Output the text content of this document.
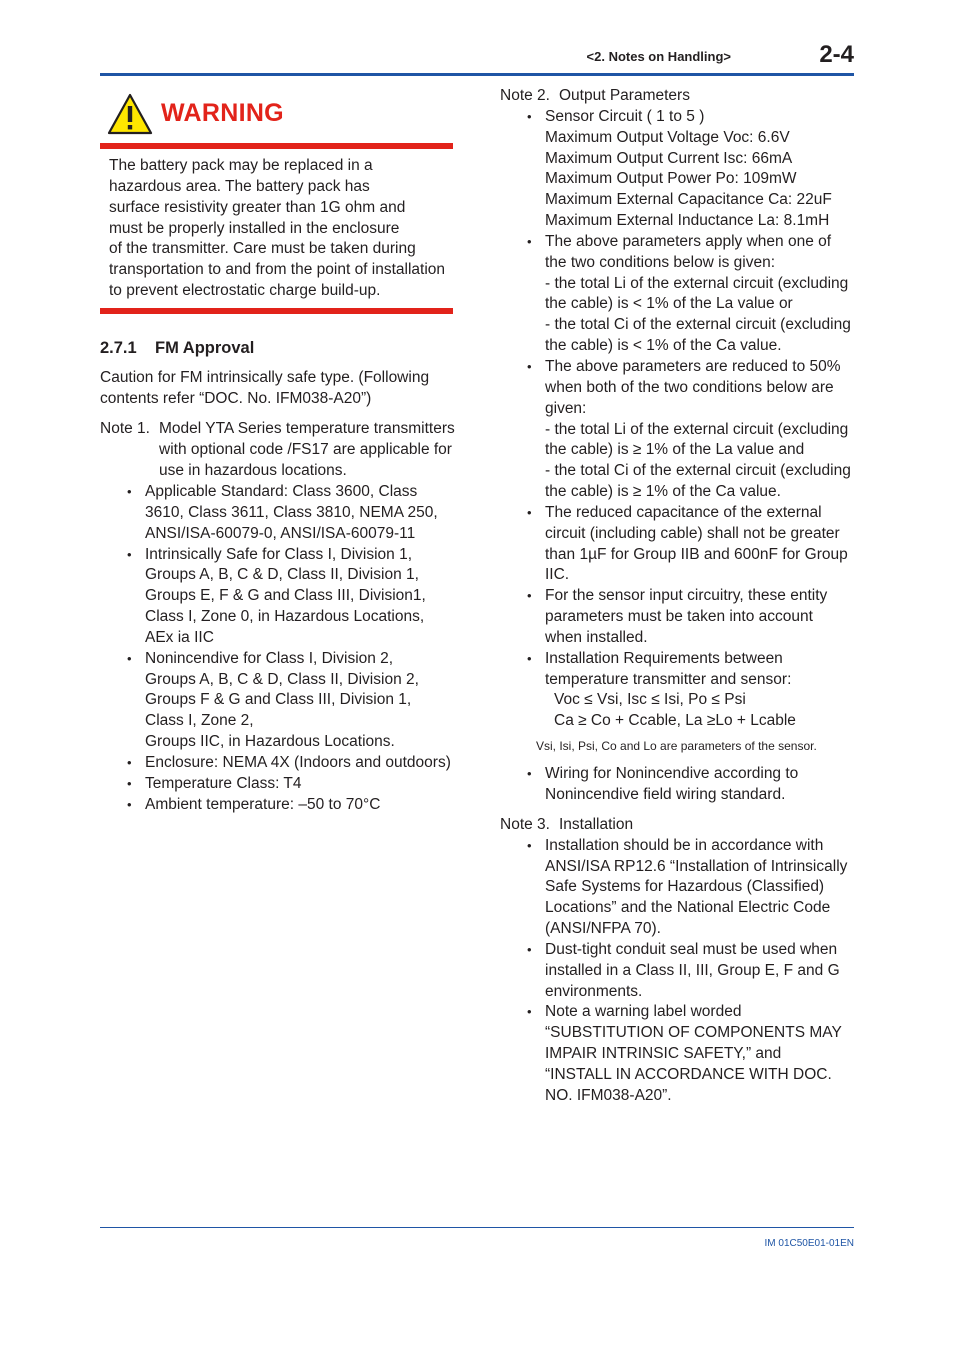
<2. Notes on Handling>	2-4
WARNING
The battery pack may be replaced in a
hazardous area. The battery pack has
surface resistivity greater than 1G ohm and
must be properly installed in the enclosure
of the transmitter. Care must be taken during
transportation to and from the point of installation
to prevent electrostatic charge build-up.
2.7.1 FM Approval
Caution for FM intrinsically safe type. (Following
contents refer “DOC. No. IFM038-A20”)
Note 1. Model YTA Series temperature transmitters
with optional code /FS17 are applicable for
use in hazardous locations.
• Applicable Standard: Class 3600, Class
3610, Class 3611, Class 3810, NEMA 250,
ANSI/ISA-60079-0, ANSI/ISA-60079-11
• Intrinsically Safe for Class I, Division 1,
Groups A, B, C & D, Class II, Division 1,
Groups E, F & G and Class III, Division1,
Class I, Zone 0, in Hazardous Locations,
AEx ia IIC
• Nonincendive for Class I, Division 2,
Groups A, B, C & D, Class II, Division 2,
Groups F & G and Class III, Division 1,
Class I, Zone 2,
Groups IIC, in Hazardous Locations.
• Enclosure: NEMA 4X (Indoors and outdoors)
• Temperature Class: T4
• Ambient temperature: –50 to 70°C
Note 2. Output Parameters
• Sensor Circuit ( 1 to 5 )
Maximum Output Voltage Voc: 6.6V
Maximum Output Current Isc: 66mA
Maximum Output Power Po: 109mW
Maximum External Capacitance Ca: 22uF
Maximum External Inductance La: 8.1mH
• The above parameters apply when one of
the two conditions below is given:
- the total Li of the external circuit (excluding
the cable) is < 1% of the La value or
- the total Ci of the external circuit (excluding
the cable) is < 1% of the Ca value.
• The above parameters are reduced to 50%
when both of the two conditions below are
given:
- the total Li of the external circuit (excluding
the cable) is ≥ 1% of the La value and
- the total Ci of the external circuit (excluding
the cable) is ≥ 1% of the Ca value.
• The reduced capacitance of the external
circuit (including cable) shall not be greater
than 1µF for Group IIB and 600nF for Group
IIC.
• For the sensor input circuitry, these entity
parameters must be taken into account
when installed.
• Installation Requirements between
temperature transmitter and sensor:
Voc ≤ Vsi, Isc ≤ Isi, Po ≤ Psi
Ca ≥ Co + Ccable, La ≥Lo + Lcable
Vsi, Isi, Psi, Co and Lo are parameters of the sensor.
• Wiring for Nonincendive according to
Nonincendive field wiring standard.
Note 3. Installation
• Installation should be in accordance with
ANSI/ISA RP12.6 “Installation of Intrinsically
Safe Systems for Hazardous (Classified)
Locations” and the National Electric Code
(ANSI/NFPA 70).
• Dust-tight conduit seal must be used when
installed in a Class II, III, Group E, F and G
environments.
• Note a warning label worded
“SUBSTITUTION OF COMPONENTS MAY
IMPAIR INTRINSIC SAFETY,” and
“INSTALL IN ACCORDANCE WITH DOC.
NO. IFM038-A20”.
IM 01C50E01-01EN
